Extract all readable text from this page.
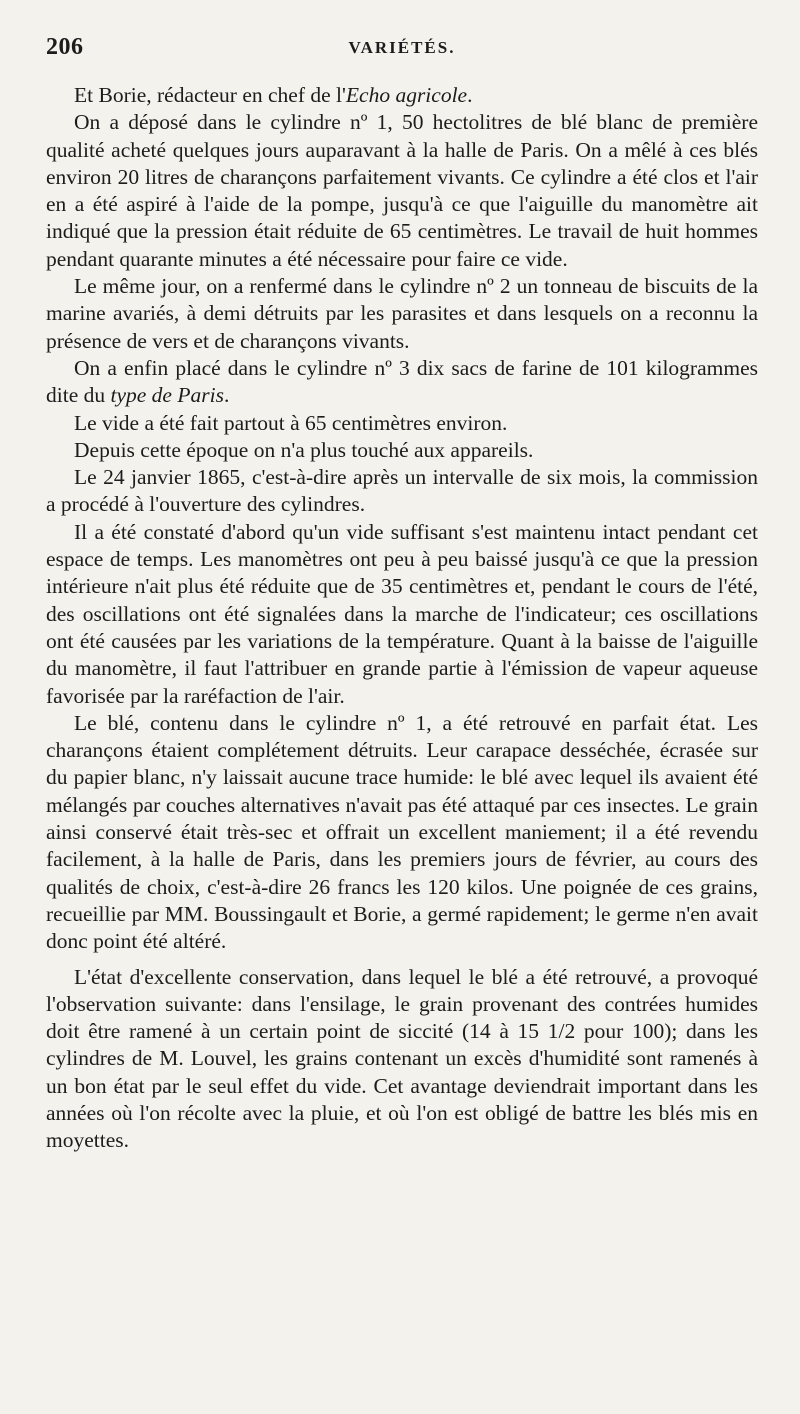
206	VARIÉTÉS.

Et Borie, rédacteur en chef de l'Echo agricole.

On a déposé dans le cylindre nº 1, 50 hectolitres de blé blanc de première qualité acheté quelques jours auparavant à la halle de Paris. On a mêlé à ces blés environ 20 litres de charançons parfaitement vivants. Ce cylindre a été clos et l'air en a été aspiré à l'aide de la pompe, jusqu'à ce que l'aiguille du manomètre ait indiqué que la pression était réduite de 65 centimètres. Le travail de huit hommes pendant quarante minutes a été nécessaire pour faire ce vide.

Le même jour, on a renfermé dans le cylindre nº 2 un tonneau de biscuits de la marine avariés, à demi détruits par les parasites et dans lesquels on a reconnu la présence de vers et de charançons vivants.

On a enfin placé dans le cylindre nº 3 dix sacs de farine de 101 kilogrammes dite du type de Paris.

Le vide a été fait partout à 65 centimètres environ.

Depuis cette époque on n'a plus touché aux appareils.

Le 24 janvier 1865, c'est-à-dire après un intervalle de six mois, la commission a procédé à l'ouverture des cylindres.

Il a été constaté d'abord qu'un vide suffisant s'est maintenu intact pendant cet espace de temps. Les manomètres ont peu à peu baissé jusqu'à ce que la pression intérieure n'ait plus été réduite que de 35 centimètres et, pendant le cours de l'été, des oscillations ont été signalées dans la marche de l'indicateur; ces oscillations ont été causées par les variations de la température. Quant à la baisse de l'aiguille du manomètre, il faut l'attribuer en grande partie à l'émission de vapeur aqueuse favorisée par la raréfaction de l'air.

Le blé, contenu dans le cylindre nº 1, a été retrouvé en parfait état. Les charançons étaient complétement détruits. Leur carapace desséchée, écrasée sur du papier blanc, n'y laissait aucune trace humide: le blé avec lequel ils avaient été mélangés par couches alternatives n'avait pas été attaqué par ces insectes. Le grain ainsi conservé était très-sec et offrait un excellent maniement; il a été revendu facilement, à la halle de Paris, dans les premiers jours de février, au cours des qualités de choix, c'est-à-dire 26 francs les 120 kilos. Une poignée de ces grains, recueillie par MM. Boussingault et Borie, a germé rapidement; le germe n'en avait donc point été altéré.

L'état d'excellente conservation, dans lequel le blé a été retrouvé, a provoqué l'observation suivante: dans l'ensilage, le grain provenant des contrées humides doit être ramené à un certain point de siccité (14 à 15 1/2 pour 100); dans les cylindres de M. Louvel, les grains contenant un excès d'humidité sont ramenés à un bon état par le seul effet du vide. Cet avantage deviendrait important dans les années où l'on récolte avec la pluie, et où l'on est obligé de battre les blés mis en moyettes.
